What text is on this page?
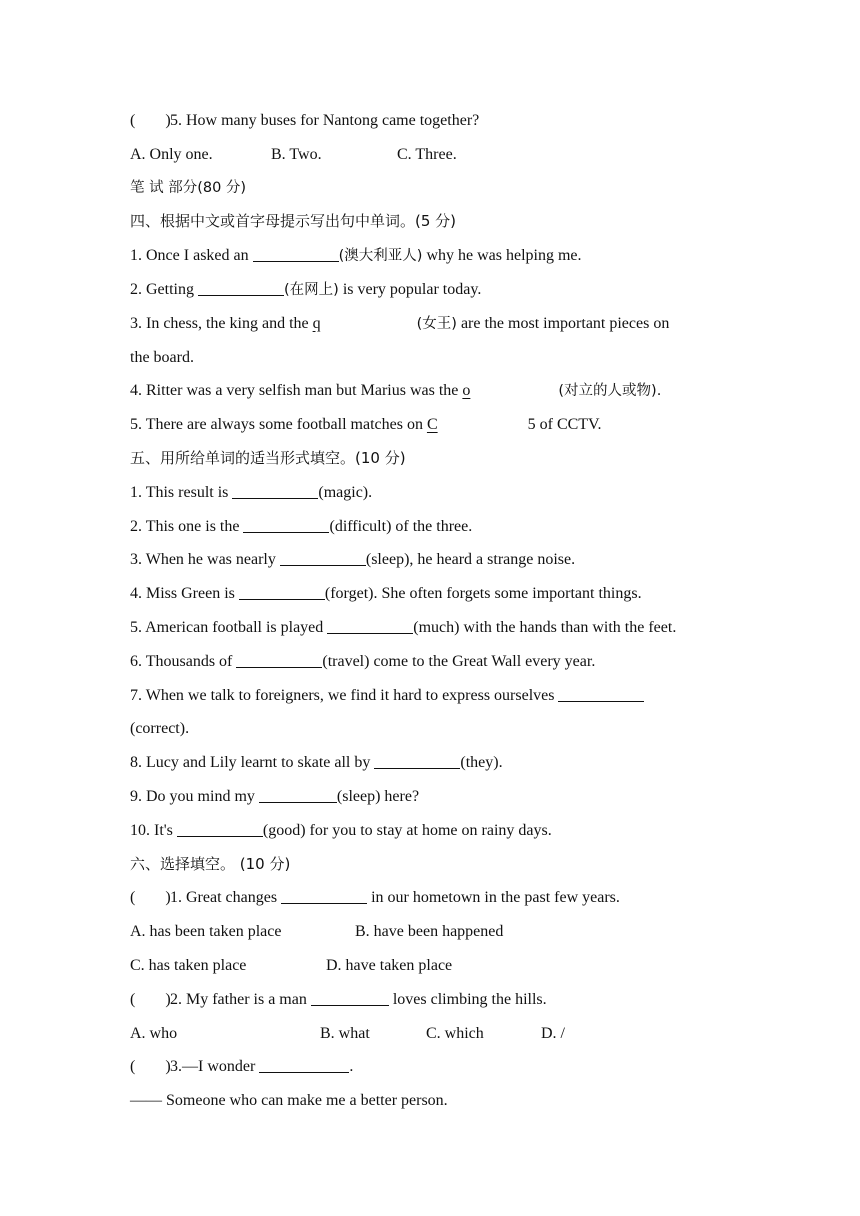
( )5. How many buses for Nantong came together?
A. Only one.	B. Two.	C. Three.
笔 试 部分(80 分)
四、根据中文或首字母提示写出句中单词。(5 分)
1. Once I asked an	(澳大利亚人) why he was helping me.
2. Getting	(在网上) is very popular today.
3. In chess, the king and the q	(女王) are the most important pieces on
the board.
4. Ritter was a very selfish man but Marius was the o	(对立的人或物).
5. There are always some football matches on C	5 of CCTV.
五、用所给单词的适当形式填空。(10 分)
1. This result is	(magic).
2. This one is the	(difficult) of the three.
3. When he was nearly	(sleep), he heard a strange noise.
4. Miss Green is	(forget). She often forgets some important things.
5. American football is played	(much) with the hands than with the feet.
6. Thousands of	(travel) come to the Great Wall every year.
7. When we talk to foreigners, we find it hard to express ourselves
(correct).
8. Lucy and Lily learnt to skate all by	(they).
9. Do you mind my	(sleep) here?
10. It's	(good) for you to stay at home on rainy days.
六、选择填空。 (10 分)
( )1. Great changes	in our hometown in the past few years.
A. has been taken place	B. have been happened
C. has taken place	D. have taken place
( )2. My father is a man	loves climbing the hills.
A. who	B. what	C. which	D. /
( )3.—I wonder	.
—— Someone who can make me a better person.
